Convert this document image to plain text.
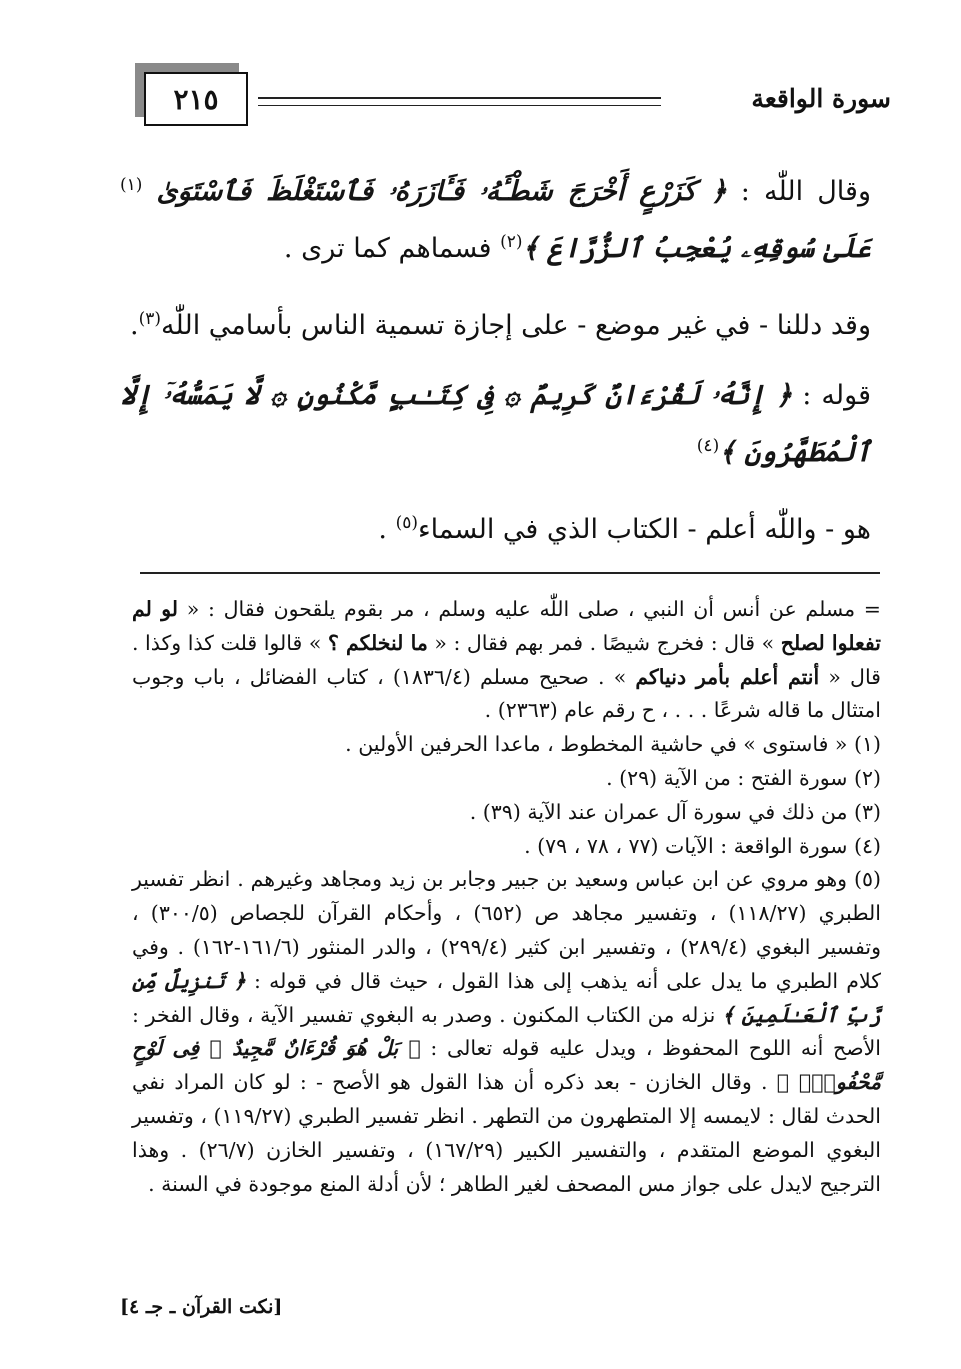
سورة الواقعة
٢١٥

وقال اللّٰه : ﴿ كَزَرْعٍ أَخْرَجَ شَطْـَٔهُۥ فَـَٔازَرَهُۥ فَٱسْتَغْلَظَ فَٱسْتَوَىٰ $^{(١)}$ عَلَىٰ سُوقِهِۦ يُعْجِبُ ٱلزُّرَّاعَ ﴾$^{(٢)}$ فسماهم كما ترى .

وقد دللنا - في غير موضع - على إجازة تسمية الناس بأسامي اللّٰه$^{(٣)}$.

قوله : ﴿ إِنَّهُۥ لَقُرْءَانٌ كَرِيمٌ ۞ فِى كِتَـٰبٍ مَّكْنُونٍ ۞ لَّا يَمَسُّهُۥٓ إِلَّا ٱلْمُطَهَّرُونَ ﴾$^{(٤)}$

هو - واللّٰه أعلم - الكتاب الذي في السماء$^{(٥)}$ .

= مسلم عن أنس أن النبي ، صلى اللّٰه عليه وسلم ، مر بقوم يلقحون فقال : « لو لم تفعلوا لصلح » قال : فخرج شيصًا . فمر بهم فقال : « ما لنخلكم ؟ » قالوا قلت كذا وكذا . قال « أنتم أعلم بأمر دنياكم » . صحيح مسلم (١٨٣٦/٤) ، كتاب الفضائل ، باب وجوب امتثال ما قاله شرعًا . . . ، ح رقم عام (٢٣٦٣) .

(١) « فاستوى » في حاشية المخطوط ، ماعدا الحرفين الأولين .

(٢) سورة الفتح : من الآية (٢٩) .

(٣) من ذلك في سورة آل عمران عند الآية (٣٩) .

(٤) سورة الواقعة : الآيات (٧٧ ، ٧٨ ، ٧٩) .

(٥) وهو مروي عن ابن عباس وسعيد بن جبير وجابر بن زيد ومجاهد وغيرهم . انظر تفسير الطبري (١١٨/٢٧) ، وتفسير مجاهد ص (٦٥٢) ، وأحكام القرآن للجصاص (٣٠٠/٥) ، وتفسير البغوي (٢٨٩/٤) ، وتفسير ابن كثير (٢٩٩/٤) ، والدر المنثور (١٦١/٦-١٦٢) . وفي كلام الطبري ما يدل على أنه يذهب إلى هذا القول ، حيث قال في قوله : ﴿ تَنزِيلٌ مِّن رَّبِّ ٱلْعَـٰلَمِينَ ﴾ نزله من الكتاب المكنون . وصدر به البغوي تفسير الآية ، وقال الفخر : الأصح أنه اللوح المحفوظ ، ويدل عليه قوله تعالى : ﴿ بَلْ هُوَ قُرْءَانٌ مَّجِيدٌ ۞ فِى لَوْحٍ مَّحْفُوظٍۭ ﴾ . وقال الخازن - بعد ذكره أن هذا القول هو الأصح - : لو كان المراد نفي الحدث لقال : لايمسه إلا المتطهرون من التطهر . انظر تفسير الطبري (١١٩/٢٧) ، وتفسير البغوي الموضع المتقدم ، والتفسير الكبير (١٦٧/٢٩) ، وتفسير الخازن (٢٦/٧) . وهذا الترجيح لايدل على جواز مس المصحف لغير الطاهر ؛ لأن أدلة المنع موجودة في السنة .

[نكت القرآن ـ جـ ٤]
